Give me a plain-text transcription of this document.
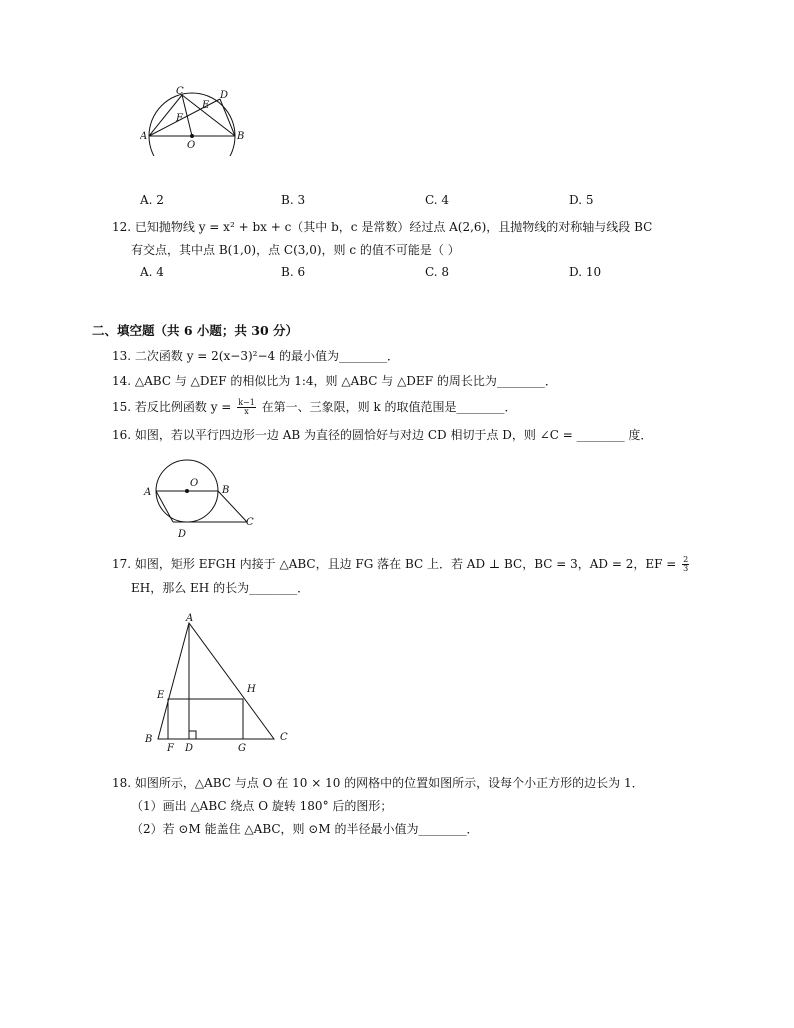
C	D
E
F
A	B
O
A. 2	B. 3	C. 4	D. 5
12. 已知抛物线 y = x² + bx + c（其中 b，c 是常数）经过点 A(2,6)，且抛物线的对称轴与线段 BC
有交点，其中点 B(1,0)，点 C(3,0)，则 c 的值不可能是（ ）
A. 4	B. 6	C. 8	D. 10
二、填空题（共 6 小题；共 30 分）
13. 二次函数 y = 2(x−3)²−4 的最小值为________．
14. △ABC 与 △DEF 的相似比为 1:4，则 △ABC 与 △DEF 的周长比为________．
15. 若反比例函数 $y = \frac{k-1}{x}$ 在第一、三象限，则 k 的取值范围是________．
16. 如图，若以平行四边形一边 AB 为直径的圆恰好与对边 CD 相切于点 D，则 ∠C = ________ 度．
A
O
B
C
D
17. 如图，矩形 EFGH 内接于 △ABC，且边 FG 落在 BC 上．若 AD ⊥ BC，BC = 3，AD = 2，EF = $\frac{2}{3}$
EH，那么 EH 的长为________．
A
E
H
B
F D	G
C
18. 如图所示，△ABC 与点 O 在 10 × 10 的网格中的位置如图所示，设每个小正方形的边长为 1．
（1）画出 △ABC 绕点 O 旋转 180° 后的图形；
（2）若 ⊙M 能盖住 △ABC，则 ⊙M 的半径最小值为________．
